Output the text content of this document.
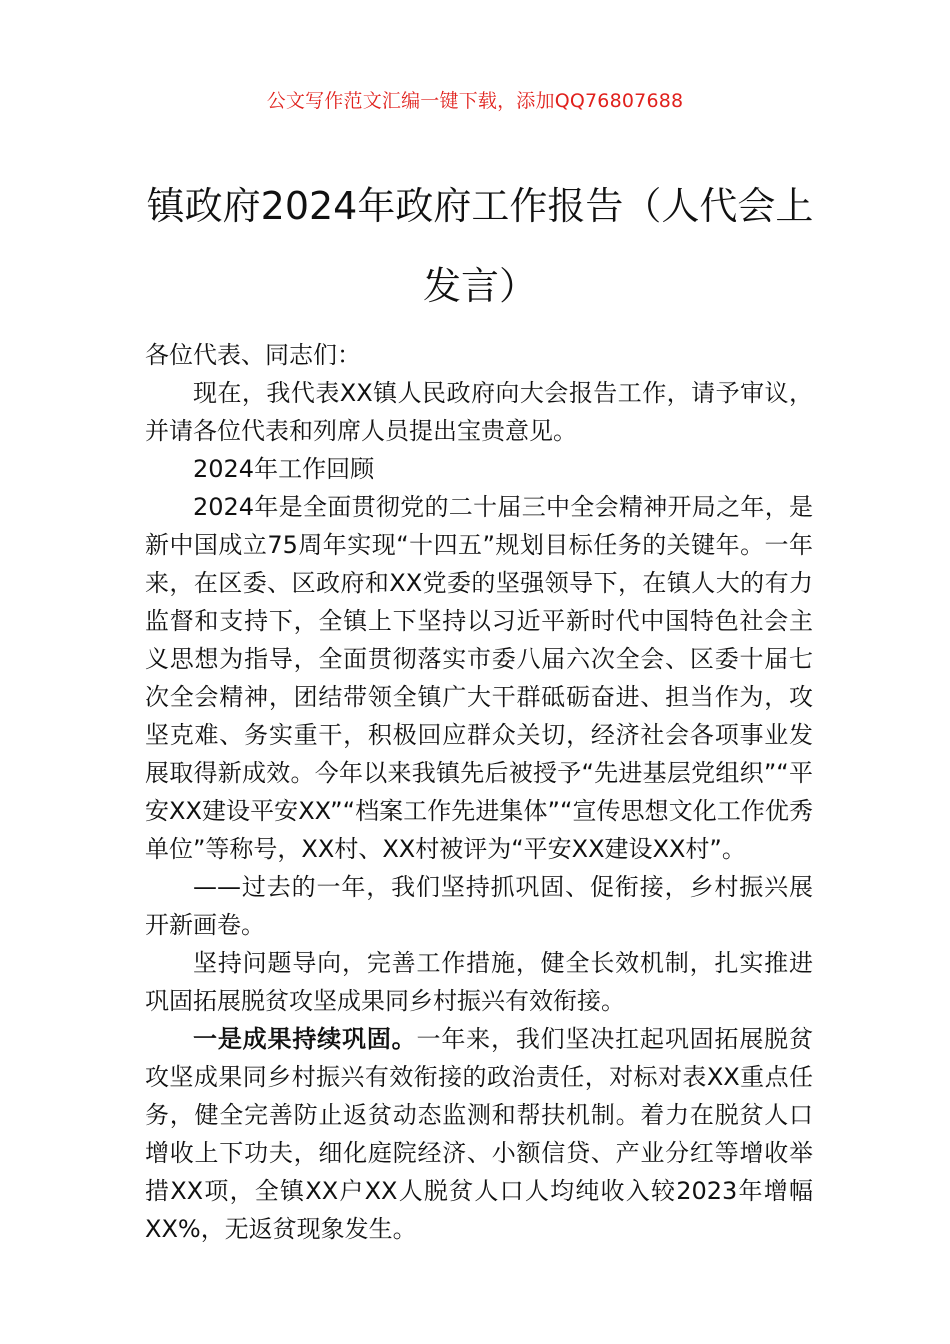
公文写作范文汇编一键下载，添加QQ76807688
镇政府2024年政府工作报告（人代会上发言）

各位代表、同志们：

现在，我代表XX镇人民政府向大会报告工作，请予审议，并请各位代表和列席人员提出宝贵意见。

2024年工作回顾

2024年是全面贯彻党的二十届三中全会精神开局之年，是新中国成立75周年实现“十四五”规划目标任务的关键年。一年来，在区委、区政府和XX党委的坚强领导下，在镇人大的有力监督和支持下，全镇上下坚持以习近平新时代中国特色社会主义思想为指导，全面贯彻落实市委八届六次全会、区委十届七次全会精神，团结带领全镇广大干群砥砺奋进、担当作为，攻坚克难、务实重干，积极回应群众关切，经济社会各项事业发展取得新成效。今年以来我镇先后被授予“先进基层党组织”“平安XX建设平安XX”“档案工作先进集体”“宣传思想文化工作优秀单位”等称号，XX村、XX村被评为“平安XX建设XX村”。

——过去的一年，我们坚持抓巩固、促衔接，乡村振兴展开新画卷。

坚持问题导向，完善工作措施，健全长效机制，扎实推进巩固拓展脱贫攻坚成果同乡村振兴有效衔接。

一是成果持续巩固。一年来，我们坚决扛起巩固拓展脱贫攻坚成果同乡村振兴有效衔接的政治责任，对标对表XX重点任务，健全完善防止返贫动态监测和帮扶机制。着力在脱贫人口增收上下功夫，细化庭院经济、小额信贷、产业分红等增收举措XX项，全镇XX户XX人脱贫人口人均纯收入较2023年增幅XX%，无返贫现象发生。
